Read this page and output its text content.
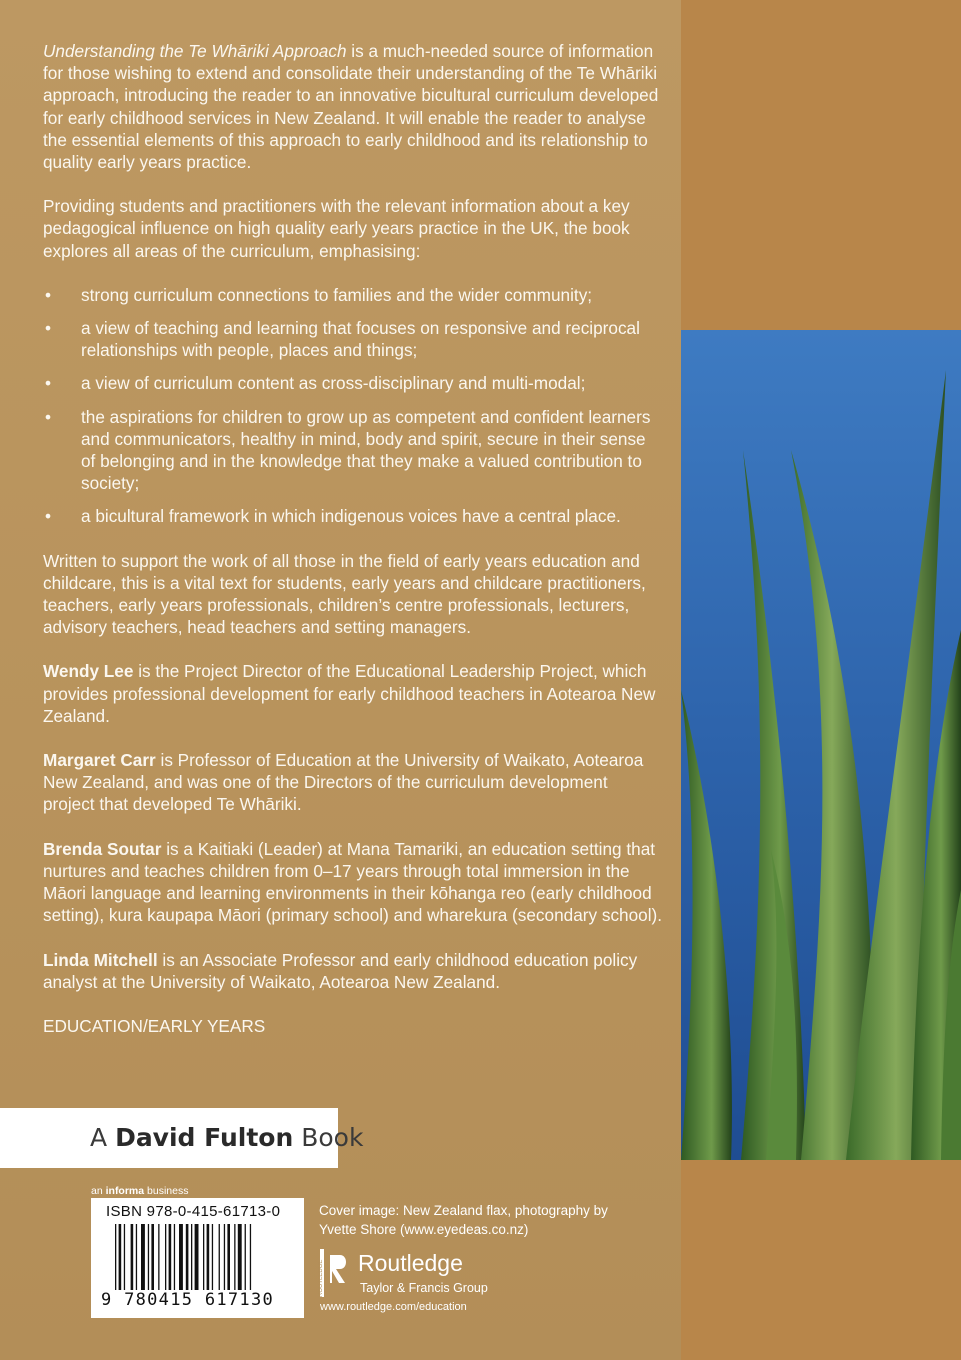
Understanding the Te Whāriki Approach is a much-needed source of information for those wishing to extend and consolidate their understanding of the Te Whāriki approach, introducing the reader to an innovative bicultural curriculum developed for early childhood services in New Zealand. It will enable the reader to analyse the essential elements of this approach to early childhood and its relationship to quality early years practice.

Providing students and practitioners with the relevant information about a key pedagogical influence on high quality early years practice in the UK, the book explores all areas of the curriculum, emphasising:

• strong curriculum connections to families and the wider community;
• a view of teaching and learning that focuses on responsive and reciprocal relationships with people, places and things;
• a view of curriculum content as cross-disciplinary and multi-modal;
• the aspirations for children to grow up as competent and confident learners and communicators, healthy in mind, body and spirit, secure in their sense of belonging and in the knowledge that they make a valued contribution to society;
• a bicultural framework in which indigenous voices have a central place.

Written to support the work of all those in the field of early years education and childcare, this is a vital text for students, early years and childcare practitioners, teachers, early years professionals, children’s centre professionals, lecturers, advisory teachers, head teachers and setting managers.

Wendy Lee is the Project Director of the Educational Leadership Project, which provides professional development for early childhood teachers in Aotearoa New Zealand.

Margaret Carr is Professor of Education at the University of Waikato, Aotearoa New Zealand, and was one of the Directors of the curriculum development project that developed Te Whāriki.

Brenda Soutar is a Kaitiaki (Leader) at Mana Tamariki, an education setting that nurtures and teaches children from 0–17 years through total immersion in the Māori language and learning environments in their kōhanga reo (early childhood setting), kura kaupapa Māori (primary school) and wharekura (secondary school).

Linda Mitchell is an Associate Professor and early childhood education policy analyst at the University of Waikato, Aotearoa New Zealand.

EDUCATION/EARLY YEARS

A David Fulton Book
an informa business
ISBN 978-0-415-61713-0
9 780415 617130
Cover image: New Zealand flax, photography by Yvette Shore (www.eyedeas.co.nz)
ROUTLEDGE Routledge
Taylor & Francis Group
www.routledge.com/education
